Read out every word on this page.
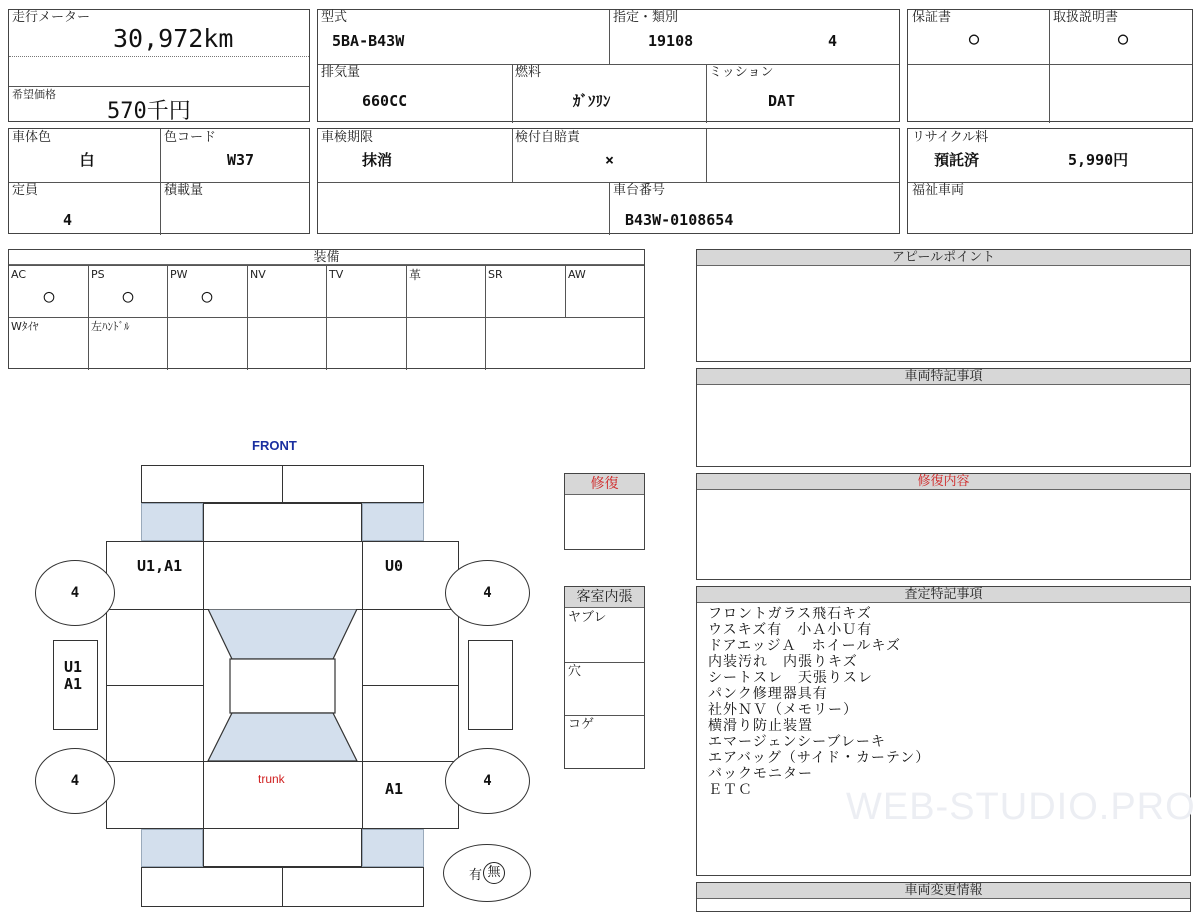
走行メーター
30,972km
希望価格
570千円
型式
5BA-B43W
指定・類別
19108	4
排気量
660CC
燃料
ｶﾞｿﾘﾝ
ミッション
DAT
保証書
○
取扱説明書
○
車体色
白
色コード
W37
定員
4
積載量
車検期限
抹消
検付自賠責
×
車台番号
B43W-0108654
リサイクル料
預託済	5,990円
福祉車両
装備
AC	PS	PW	NV	TV	革	SR	AW
○	○	○
Wﾀｲﾔ	左ﾊﾝﾄﾞﾙ
アピールポイント
車両特記事項
修復内容
査定特記事項
フロントガラス飛石キズ
ウスキズ有　小Ａ小Ｕ有
ドアエッジＡ　ホイールキズ
内装汚れ　内張りキズ
シートスレ　天張りスレ
パンク修理器具有
社外ＮＶ（メモリー）
横滑り防止装置
エマージェンシーブレーキ
エアバッグ（サイド・カーテン）
バックモニター
ＥＴＣ
車両変更情報
WEB-STUDIO.PRO
修復
客室内張
ヤブレ
穴
コゲ
FRONT
U1,A1	U0
A1
trunk
U1
A1
4	4
4	4
有 無
